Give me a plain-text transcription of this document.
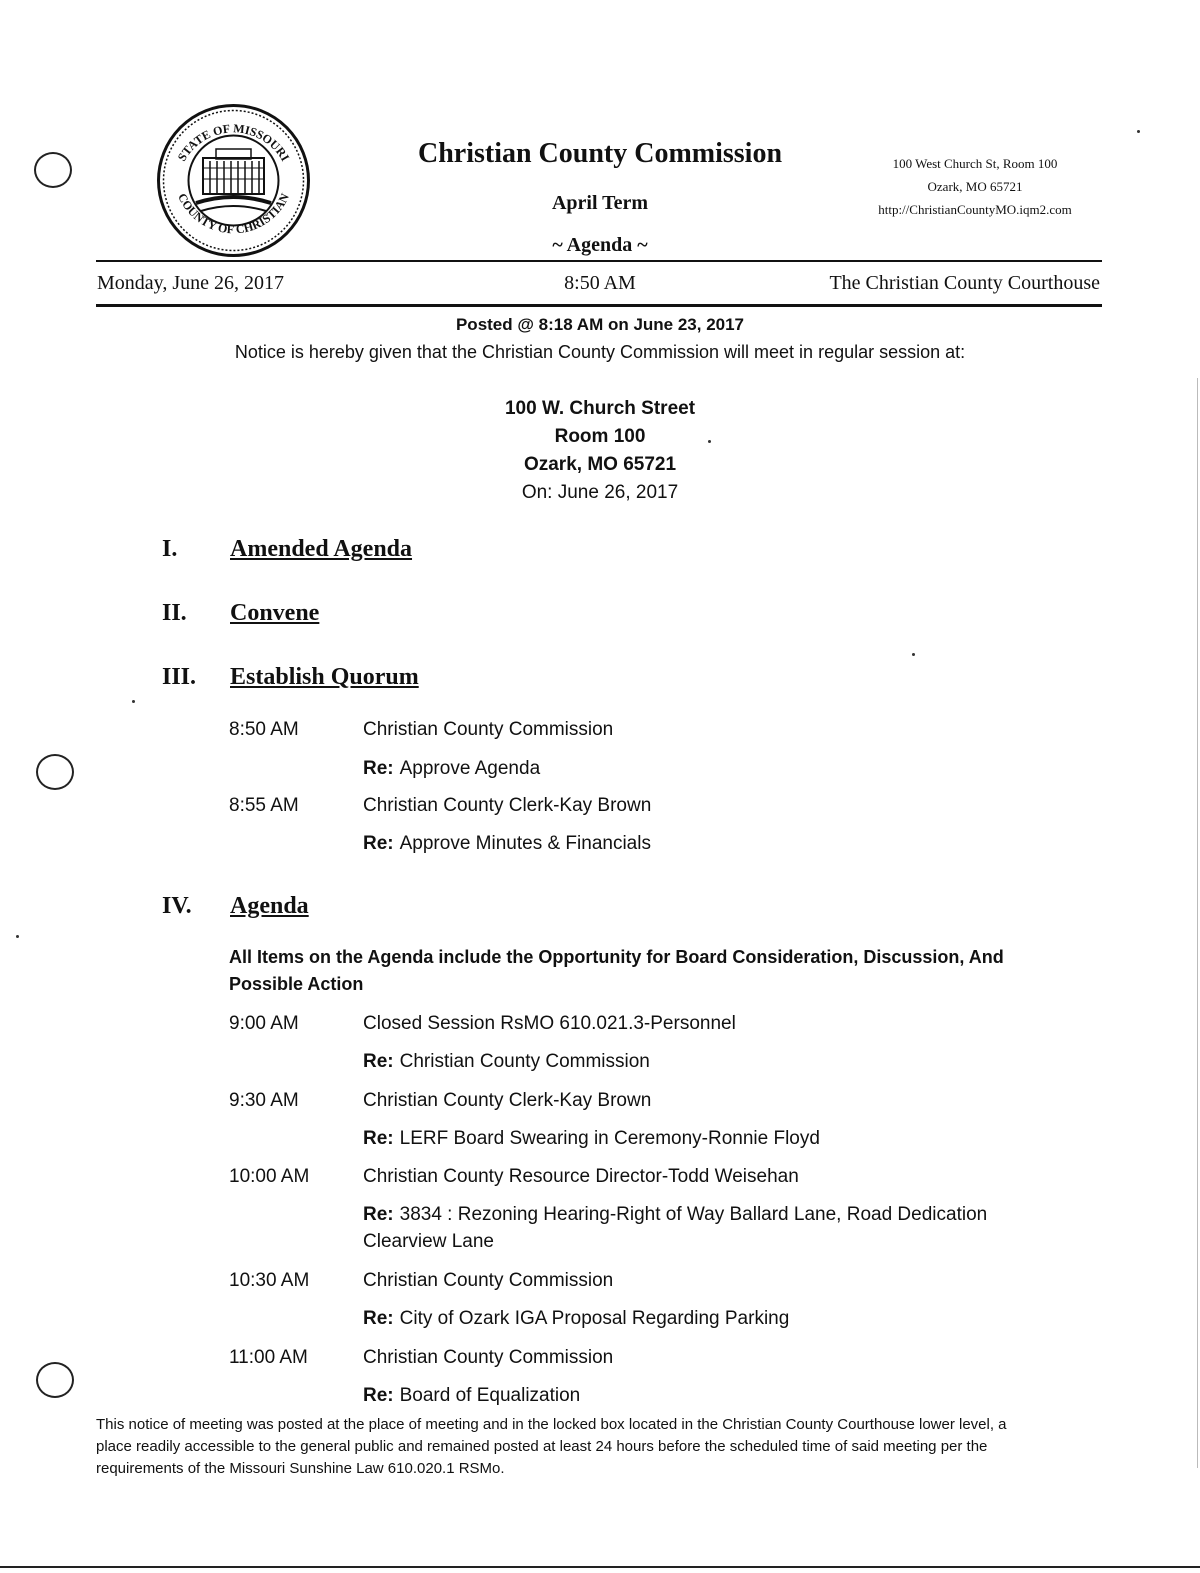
STATE OF MISSOURI
COUNTY OF CHRISTIAN
Christian County Commission
April Term
~ Agenda ~
100 West Church St, Room 100
Ozark, MO 65721
http://ChristianCountyMO.iqm2.com
Monday, June 26, 2017	8:50 AM	The Christian County Courthouse
Posted @ 8:18 AM on June 23, 2017
Notice is hereby given that the Christian County Commission will meet in regular session at:
100 W. Church Street
Room 100
Ozark, MO 65721
On: June 26, 2017
I.	Amended Agenda
II.	Convene
III.	Establish Quorum
8:50 AM	Christian County Commission
Re: Approve Agenda
8:55 AM	Christian County Clerk-Kay Brown
Re: Approve Minutes & Financials
IV.	Agenda
All Items on the Agenda include the Opportunity for Board Consideration, Discussion, And Possible Action
9:00 AM	Closed Session RsMO 610.021.3-Personnel
Re: Christian County Commission
9:30 AM	Christian County Clerk-Kay Brown
Re: LERF Board Swearing in Ceremony-Ronnie Floyd
10:00 AM	Christian County Resource Director-Todd Weisehan
Re: 3834 : Rezoning Hearing-Right of Way Ballard Lane, Road Dedication Clearview Lane
10:30 AM	Christian County Commission
Re: City of Ozark IGA Proposal Regarding Parking
11:00 AM	Christian County Commission
Re: Board of Equalization
This notice of meeting was posted at the place of meeting and in the locked box located in the Christian County Courthouse lower level, a place readily accessible to the general public and remained posted at least 24 hours before the scheduled time of said meeting per the requirements of the Missouri Sunshine Law 610.020.1 RSMo.
